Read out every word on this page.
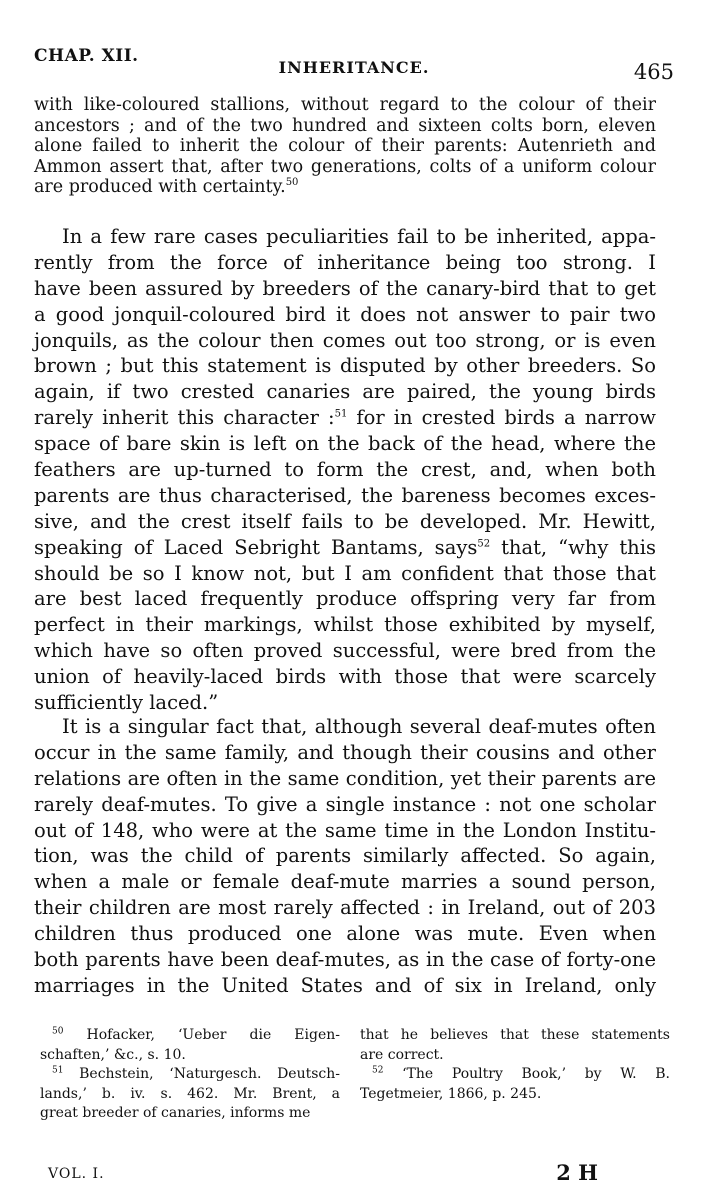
CHAP. XII.
INHERITANCE.	465
with like-coloured stallions, without regard to the colour of their
ancestors ; and of the two hundred and sixteen colts born, eleven
alone failed to inherit the colour of their parents: Autenrieth and
Ammon assert that, after two generations, colts of a uniform colour
are produced with certainty.$^{50}$
In a few rare cases peculiarities fail to be inherited, appa-
rently from the force of inheritance being too strong. I
have been assured by breeders of the canary-bird that to get
a good jonquil-coloured bird it does not answer to pair two
jonquils, as the colour then comes out too strong, or is even
brown ; but this statement is disputed by other breeders. So
again, if two crested canaries are paired, the young birds
rarely inherit this character :$^{51}$ for in crested birds a narrow
space of bare skin is left on the back of the head, where the
feathers are up-turned to form the crest, and, when both
parents are thus characterised, the bareness becomes exces-
sive, and the crest itself fails to be developed. Mr. Hewitt,
speaking of Laced Sebright Bantams, says$^{52}$ that, “why this
should be so I know not, but I am confident that those that
are best laced frequently produce offspring very far from
perfect in their markings, whilst those exhibited by myself,
which have so often proved successful, were bred from the
union of heavily-laced birds with those that were scarcely
sufficiently laced.”
It is a singular fact that, although several deaf-mutes often
occur in the same family, and though their cousins and other
relations are often in the same condition, yet their parents are
rarely deaf-mutes. To give a single instance : not one scholar
out of 148, who were at the same time in the London Institu-
tion, was the child of parents similarly affected. So again,
when a male or female deaf-mute marries a sound person,
their children are most rarely affected : in Ireland, out of 203
children thus produced one alone was mute. Even when
both parents have been deaf-mutes, as in the case of forty-one
marriages in the United States and of six in Ireland, only
$^{50}$ Hofacker, ‘Ueber die Eigen-
schaften,’ &c., s. 10.
$^{51}$ Bechstein, ‘Naturgesch. Deutsch-
lands,’ b. iv. s. 462. Mr. Brent, a
great breeder of canaries, informs me
that he believes that these statements
are correct.
$^{52}$ ‘The Poultry Book,’ by W. B.
Tegetmeier, 1866, p. 245.
VOL. I.	2 H
